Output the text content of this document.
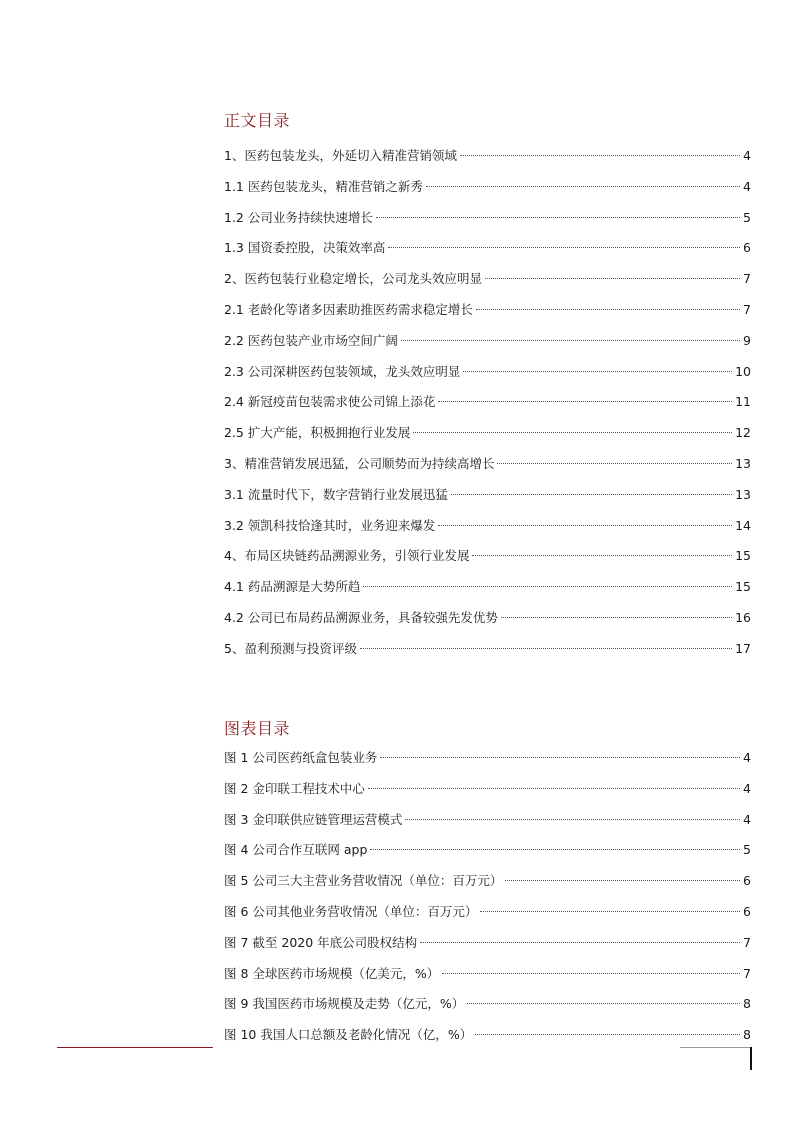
正文目录
1、医药包装龙头，外延切入精准营销领域	4
1.1 医药包装龙头，精准营销之新秀	4
1.2 公司业务持续快速增长	5
1.3 国资委控股，决策效率高	6
2、医药包装行业稳定增长，公司龙头效应明显	7
2.1 老龄化等诸多因素助推医药需求稳定增长	7
2.2 医药包装产业市场空间广阔	9
2.3 公司深耕医药包装领域，龙头效应明显	10
2.4 新冠疫苗包装需求使公司锦上添花	11
2.5 扩大产能，积极拥抱行业发展	12
3、精准营销发展迅猛，公司顺势而为持续高增长	13
3.1 流量时代下，数字营销行业发展迅猛	13
3.2 领凯科技恰逢其时，业务迎来爆发	14
4、布局区块链药品溯源业务，引领行业发展	15
4.1 药品溯源是大势所趋	15
4.2 公司已布局药品溯源业务，具备较强先发优势	16
5、盈利预测与投资评级	17
图表目录
图 1 公司医药纸盒包装业务	4
图 2 金印联工程技术中心	4
图 3 金印联供应链管理运营模式	4
图 4 公司合作互联网 app	5
图 5 公司三大主营业务营收情况（单位：百万元）	6
图 6 公司其他业务营收情况（单位：百万元）	6
图 7 截至 2020 年底公司股权结构	7
图 8 全球医药市场规模（亿美元，%）	7
图 9 我国医药市场规模及走势（亿元，%）	8
图 10 我国人口总额及老龄化情况（亿，%）	8
